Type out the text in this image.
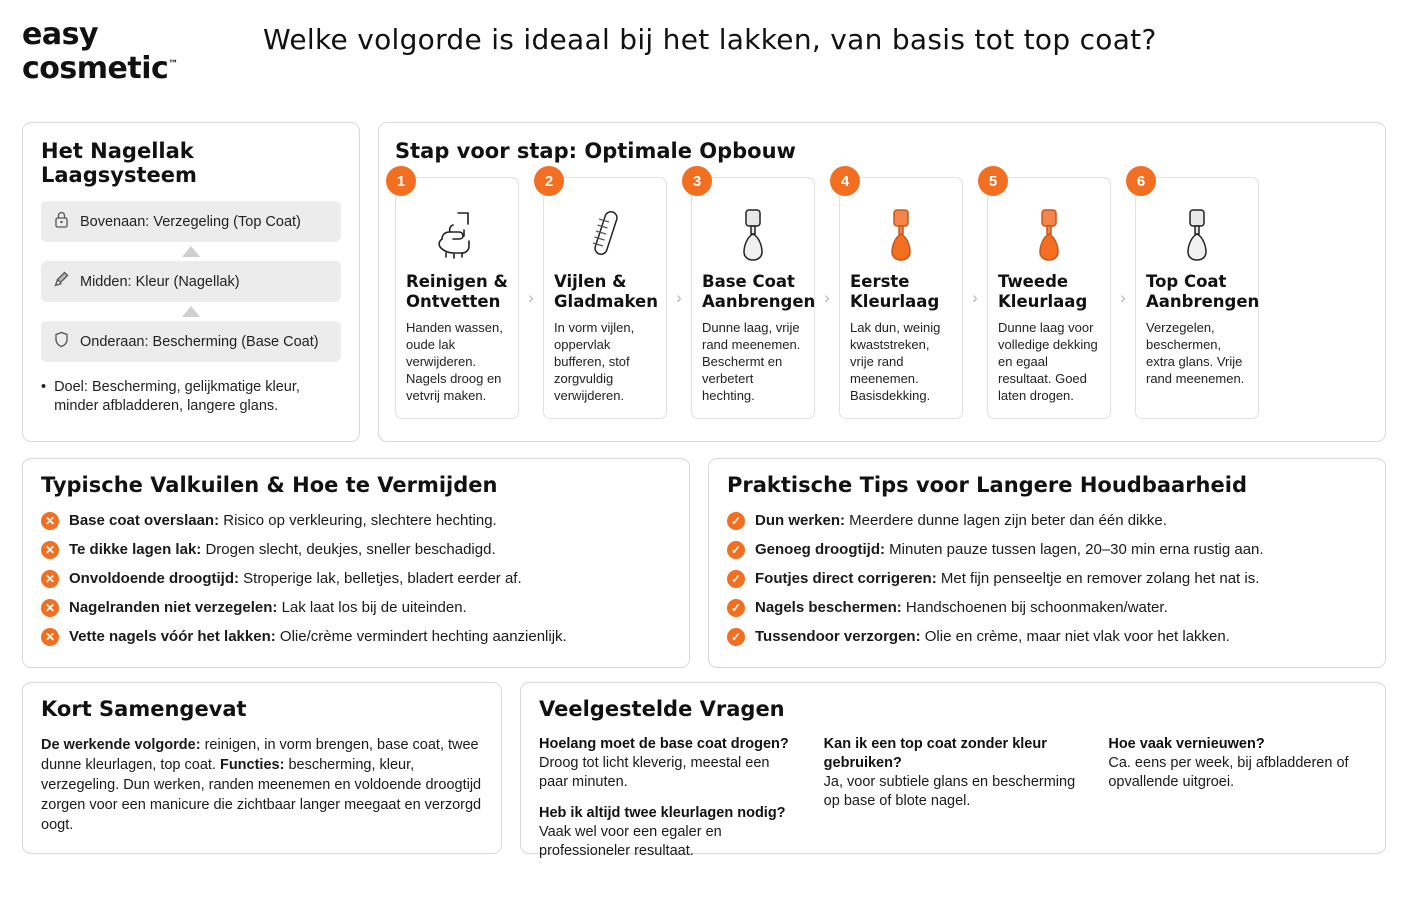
easy
cosmetic™
Welke volgorde is ideaal bij het lakken, van basis tot top coat?
Het Nagellak Laagsysteem
Bovenaan: Verzegeling (Top Coat)
Midden: Kleur (Nagellak)
Onderaan: Bescherming (Base Coat)
• Doel: Bescherming, gelijkmatige kleur, minder afbladderen, langere glans.
Stap voor stap: Optimale Opbouw
1
Reinigen & Ontvetten
Handen wassen, oude lak verwijderen. Nagels droog en vetvrij maken.
›
2
Vijlen & Gladmaken
In vorm vijlen, oppervlak bufferen, stof zorgvuldig verwijderen.
›
3
Base Coat Aanbrengen
Dunne laag, vrije rand meenemen. Beschermt en verbetert hechting.
›
4
Eerste Kleurlaag
Lak dun, weinig kwaststreken, vrije rand meenemen. Basisdekking.
›
5
Tweede Kleurlaag
Dunne laag voor volledige dekking en egaal resultaat. Goed laten drogen.
›
6
Top Coat Aanbrengen
Verzegelen, beschermen, extra glans. Vrije rand meenemen.
Typische Valkuilen & Hoe te Vermijden
✕ Base coat overslaan: Risico op verkleuring, slechtere hechting.
✕ Te dikke lagen lak: Drogen slecht, deukjes, sneller beschadigd.
✕ Onvoldoende droogtijd: Stroperige lak, belletjes, bladert eerder af.
✕ Nagelranden niet verzegelen: Lak laat los bij de uiteinden.
✕ Vette nagels vóór het lakken: Olie/crème vermindert hechting aanzienlijk.
Praktische Tips voor Langere Houdbaarheid
✓ Dun werken: Meerdere dunne lagen zijn beter dan één dikke.
✓ Genoeg droogtijd: Minuten pauze tussen lagen, 20–30 min erna rustig aan.
✓ Foutjes direct corrigeren: Met fijn penseeltje en remover zolang het nat is.
✓ Nagels beschermen: Handschoenen bij schoonmaken/water.
✓ Tussendoor verzorgen: Olie en crème, maar niet vlak voor het lakken.
Kort Samengevat
De werkende volgorde: reinigen, in vorm brengen, base coat, twee dunne kleurlagen, top coat. Functies: bescherming, kleur, verzegeling. Dun werken, randen meenemen en voldoende droogtijd zorgen voor een manicure die zichtbaar langer meegaat en verzorgd oogt.
Veelgestelde Vragen
Hoelang moet de base coat drogen?
Droog tot licht kleverig, meestal een paar minuten.
Heb ik altijd twee kleurlagen nodig?
Vaak wel voor een egaler en professioneler resultaat.
Kan ik een top coat zonder kleur gebruiken?
Ja, voor subtiele glans en bescherming op base of blote nagel.
Hoe vaak vernieuwen?
Ca. eens per week, bij afbladderen of opvallende uitgroei.
